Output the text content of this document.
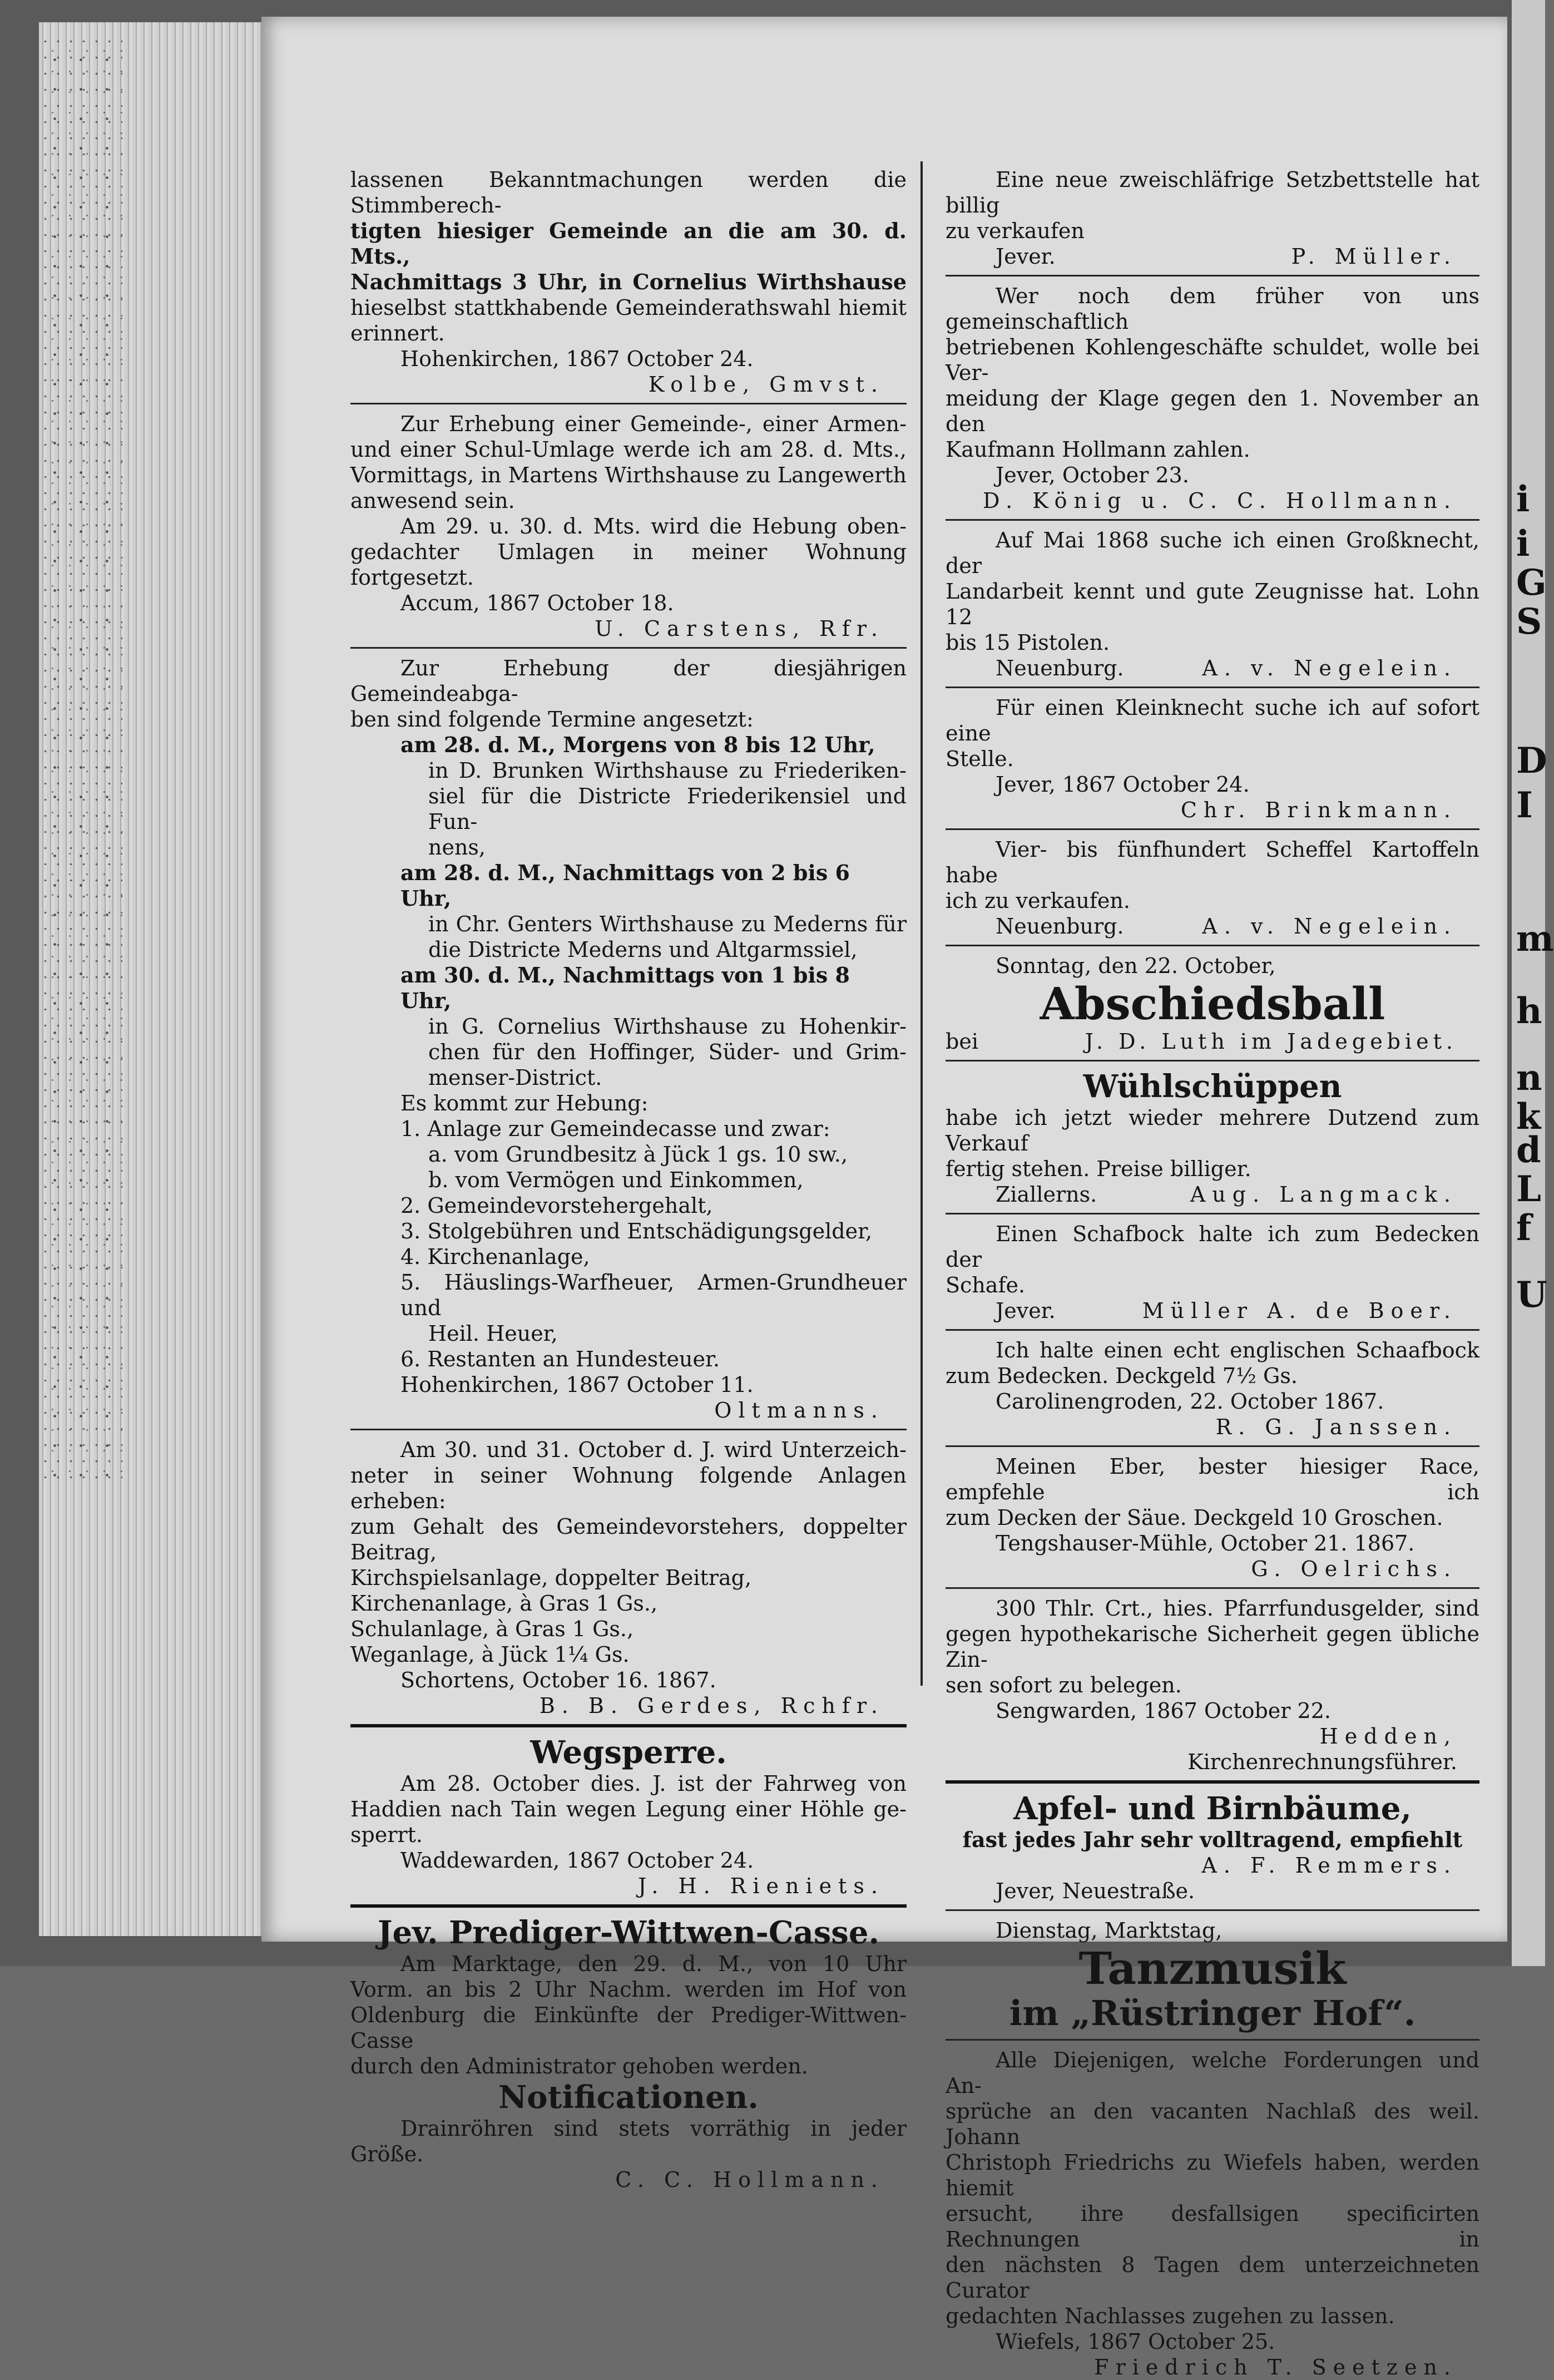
i
i
G
S
D
I
m
h
n
k
d
L
f
U

lassenen Bekanntmachungen werden die Stimmberech-

tigten hiesiger Gemeinde an die am 30. d. Mts.,

Nachmittags 3 Uhr, in Cornelius Wirthshause

hieselbst stattkhabende Gemeinderathswahl hiemit

erinnert.

Hohenkirchen, 1867 October 24.

Kolbe, Gmvst.

Zur Erhebung einer Gemeinde-, einer Armen-

und einer Schul-Umlage werde ich am 28. d. Mts.,

Vormittags, in Martens Wirthshause zu Langewerth

anwesend sein.

Am 29. u. 30. d. Mts. wird die Hebung oben-

gedachter Umlagen in meiner Wohnung fortgesetzt.

Accum, 1867 October 18.

U. Carstens, Rfr.

Zur Erhebung der diesjährigen Gemeindeabga-

ben sind folgende Termine angesetzt:

am 28. d. M., Morgens von 8 bis 12 Uhr,

in D. Brunken Wirthshause zu Friederiken-

siel für die Districte Friederikensiel und Fun-

nens,

am 28. d. M., Nachmittags von 2 bis 6 Uhr,

in Chr. Genters Wirthshause zu Mederns für

die Districte Mederns und Altgarmssiel,

am 30. d. M., Nachmittags von 1 bis 8 Uhr,

in G. Cornelius Wirthshause zu Hohenkir-

chen für den Hoffinger, Süder- und Grim-

menser-District.

Es kommt zur Hebung:

1. Anlage zur Gemeindecasse und zwar:

a. vom Grundbesitz à Jück 1 gs. 10 sw.,

b. vom Vermögen und Einkommen,

2. Gemeindevorstehergehalt,

3. Stolgebühren und Entschädigungsgelder,

4. Kirchenanlage,

5. Häuslings-Warfheuer, Armen-Grundheuer und

Heil. Heuer,

6. Restanten an Hundesteuer.

Hohenkirchen, 1867 October 11.

Oltmanns.

Am 30. und 31. October d. J. wird Unterzeich-

neter in seiner Wohnung folgende Anlagen erheben:

zum Gehalt des Gemeindevorstehers, doppelter Beitrag,

Kirchspielsanlage, doppelter Beitrag,

Kirchenanlage, à Gras 1 Gs.,

Schulanlage, à Gras 1 Gs.,

Weganlage, à Jück 1¼ Gs.

Schortens, October 16. 1867.

B. B. Gerdes, Rchfr.

Wegsperre.

Am 28. October dies. J. ist der Fahrweg von

Haddien nach Tain wegen Legung einer Höhle ge-

sperrt.

Waddewarden, 1867 October 24.

J. H. Rieniets.

Jev. Prediger-Wittwen-Casse.

Am Marktage, den 29. d. M., von 10 Uhr

Vorm. an bis 2 Uhr Nachm. werden im Hof von

Oldenburg die Einkünfte der Prediger-Wittwen-Casse

durch den Administrator gehoben werden.

Notificationen.

Drainröhren sind stets vorräthig in jeder Größe.

C. C. Hollmann.

Eine neue zweischläfrige Setzbettstelle hat billig

zu verkaufen

Jever.	P. Müller.

Wer noch dem früher von uns gemeinschaftlich

betriebenen Kohlengeschäfte schuldet, wolle bei Ver-

meidung der Klage gegen den 1. November an den

Kaufmann Hollmann zahlen.

Jever, October 23.

D. König u. C. C. Hollmann.

Auf Mai 1868 suche ich einen Großknecht, der

Landarbeit kennt und gute Zeugnisse hat. Lohn 12

bis 15 Pistolen.

Neuenburg.	A. v. Negelein.

Für einen Kleinknecht suche ich auf sofort eine

Stelle.

Jever, 1867 October 24.

Chr. Brinkmann.

Vier- bis fünfhundert Scheffel Kartoffeln habe

ich zu verkaufen.

Neuenburg.	A. v. Negelein.

Sonntag, den 22. October,

Abschiedsball

bei	J. D. Luth im Jadegebiet.

Wühlschüppen

habe ich jetzt wieder mehrere Dutzend zum Verkauf

fertig stehen. Preise billiger.

Ziallerns.	Aug. Langmack.

Einen Schafbock halte ich zum Bedecken der

Schafe.

Jever.	Müller A. de Boer.

Ich halte einen echt englischen Schaafbock

zum Bedecken. Deckgeld 7½ Gs.

Carolinengroden, 22. October 1867.

R. G. Janssen.

Meinen Eber, bester hiesiger Race, empfehle ich

zum Decken der Säue. Deckgeld 10 Groschen.

Tengshauser-Mühle, October 21. 1867.

G. Oelrichs.

300 Thlr. Crt., hies. Pfarrfundusgelder, sind

gegen hypothekarische Sicherheit gegen übliche Zin-

sen sofort zu belegen.

Sengwarden, 1867 October 22.

Hedden,

Kirchenrechnungsführer.

Apfel- und Birnbäume,

fast jedes Jahr sehr volltragend, empfiehlt

A. F. Remmers.

Jever, Neuestraße.

Dienstag, Marktstag,

Tanzmusik

im „Rüstringer Hof“.

Alle Diejenigen, welche Forderungen und An-

sprüche an den vacanten Nachlaß des weil. Johann

Christoph Friedrichs zu Wiefels haben, werden hiemit

ersucht, ihre desfallsigen specificirten Rechnungen in

den nächsten 8 Tagen dem unterzeichneten Curator

gedachten Nachlasses zugehen zu lassen.

Wiefels, 1867 October 25.

Friedrich T. Seetzen.
